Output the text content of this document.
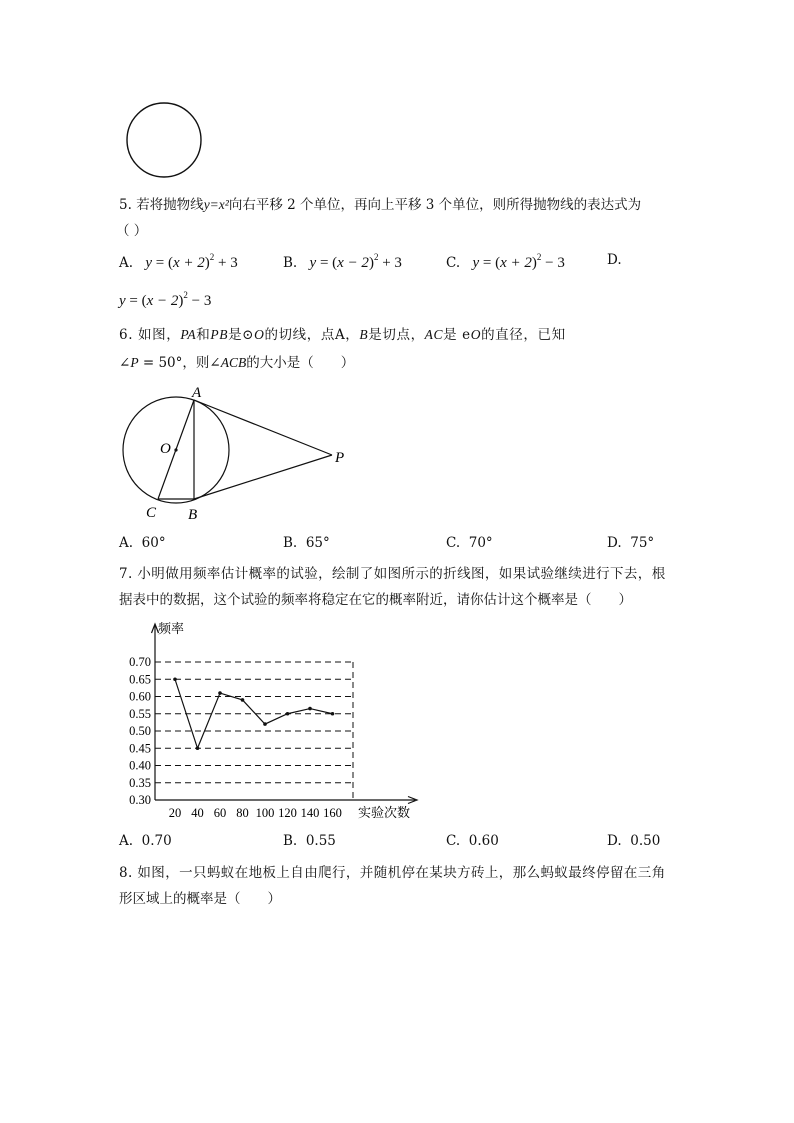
5. 若将抛物线y=x²向右平移 2 个单位，再向上平移 3 个单位，则所得抛物线的表达式为
（ ）
A. $y = (x + 2)^2 + 3$	B. $y = (x - 2)^2 + 3$	C. $y = (x + 2)^2 - 3$	D.
$y = (x - 2)^2 - 3$
6. 如图，PA和PB是⊙O的切线，点A，B是切点，AC是 eO的直径，已知
∠P = 50°，则∠ACB的大小是（　　）
A
O
P
C B
A. 60°	B. 65°	C. 70°	D. 75°
7. 小明做用频率估计概率的试验，绘制了如图所示的折线图，如果试验继续进行下去，根
据表中的数据，这个试验的频率将稳定在它的概率附近，请你估计这个概率是（　　）
0.30
0.35
0.40
0.45
0.50
0.55
0.60
0.65
0.70
频率
实验次数
20 40 60 80 100 120 140 160
A. 0.70	B. 0.55	C. 0.60	D. 0.50
8. 如图，一只蚂蚁在地板上自由爬行，并随机停在某块方砖上，那么蚂蚁最终停留在三角
形区域上的概率是（　　）
